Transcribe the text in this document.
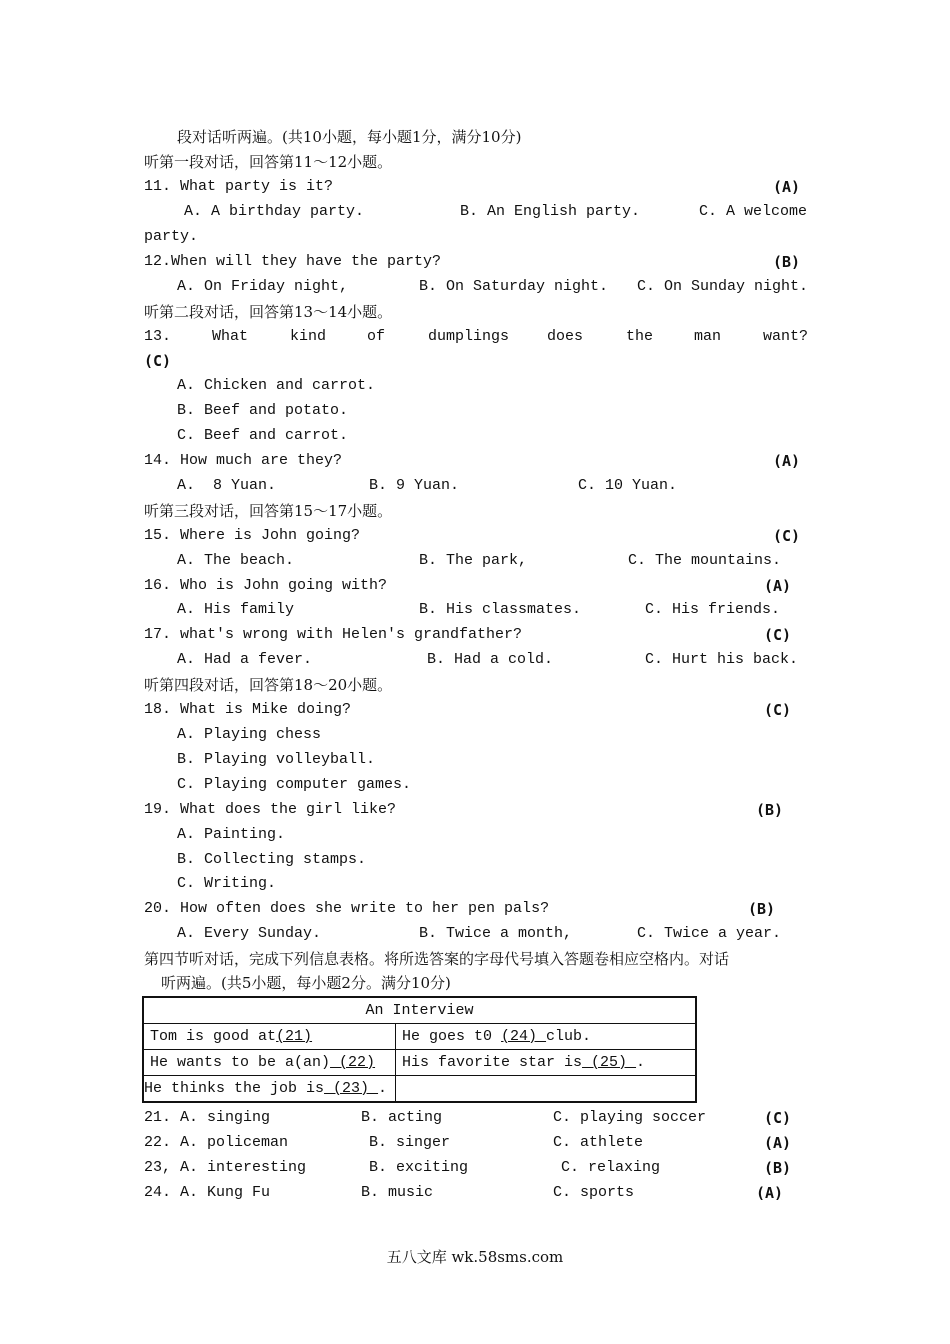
段对话听两遍。(共10小题，每小题1分，满分10分)
听第一段对话，回答第11～12小题。
11. What party is it?	(A)
A. A birthday party.	B. An English party.	C. A welcome
party.
12.When will they have the party?	(B)
A. On Friday night,	B. On Saturday night. C. On Sunday night.
听第二段对话，回答第13～14小题。
13.	What	kind	of	dumplings	does	the	man	want?
(C)
A. Chicken and carrot.
B. Beef and potato.
C. Beef and carrot.
14. How much are they?	(A)
A.  8 Yuan.	B. 9 Yuan.	C. 10 Yuan.
听第三段对话，回答第15～17小题。
15. Where is John going?	(C)
A. The beach.	B. The park,	C. The mountains.
16. Who is John going with?	(A)
A. His family	B. His classmates.	C. His friends.
17. what's wrong with Helen's grandfather?	(C)
A. Had a fever.	B. Had a cold.	C. Hurt his back.
听第四段对话，回答第18～20小题。
18. What is Mike doing?	(C)
A. Playing chess
B. Playing volleyball.
C. Playing computer games.
19. What does the girl like?	(B)
A. Painting.
B. Collecting stamps.
C. Writing.
20. How often does she write to her pen pals?	(B)
A. Every Sunday.	B. Twice a month,	C. Twice a year.
第四节听对话，完成下列信息表格。将所选答案的字母代号填入答题卷相应空格内。对话
听两遍。(共5小题，每小题2分。满分10分)
An Interview	
Tom is good at(21)	He goes t0 (24) club.
He wants to be a(an) (22)	His favorite star is (25) .
He thinks the job is (23) .	
21. A. singing	B. acting	C. playing soccer	(C)
22. A. policeman	B. singer	C. athlete	(A)
23, A. interesting	B. exciting	C. relaxing	(B)
24. A. Kung Fu	B. music	C. sports	(A)
五八文库 wk.58sms.com
